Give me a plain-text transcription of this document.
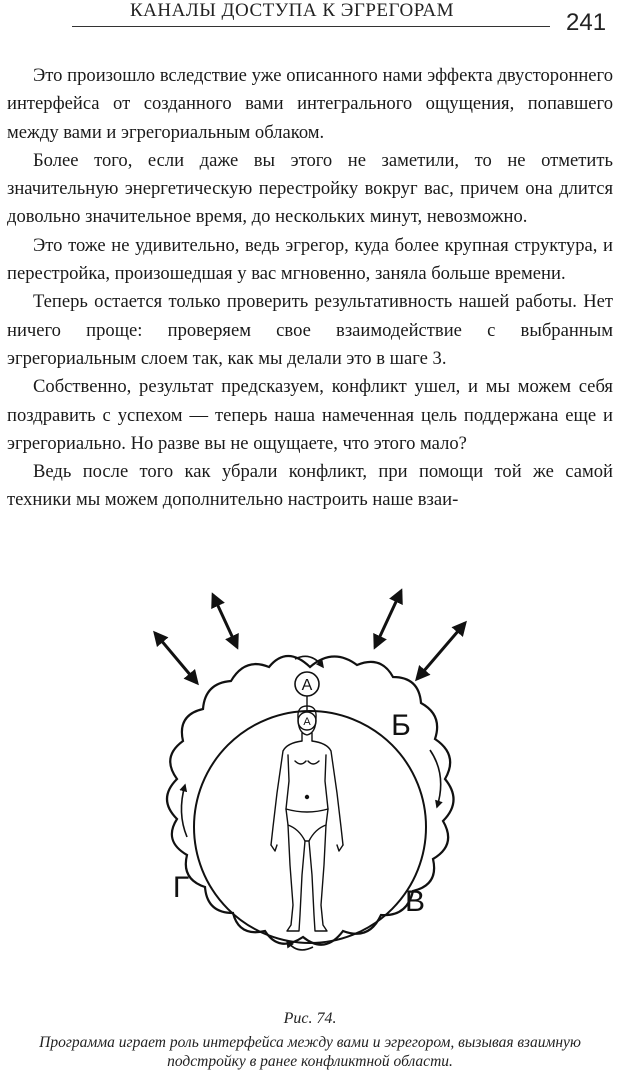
КАНАЛЫ ДОСТУПА К ЭГРЕГОРАМ	241

Это произошло вследствие уже описанного нами эффекта двустороннего интерфейса от созданного вами интегрального ощущения, попавшего между вами и эгрегориальным облаком.

Более того, если даже вы этого не заметили, то не отметить значительную энергетическую перестройку вокруг вас, причем она длится довольно значительное время, до нескольких минут, невозможно.

Это тоже не удивительно, ведь эгрегор, куда более крупная структура, и перестройка, произошедшая у вас мгновенно, заняла больше времени.

Теперь остается только проверить результативность нашей работы. Нет ничего проще: проверяем свое взаимодействие с выбранным эгрегориальным слоем так, как мы делали это в шаге 3.

Собственно, результат предсказуем, конфликт ушел, и мы можем себя поздравить с успехом — теперь наша намеченная цель поддержана еще и эгрегориально. Но разве вы не ощущаете, что этого мало?

Ведь после того как убрали конфликт, при помощи той же самой техники мы можем дополнительно настроить наше взаи-

А
А	Б
В
Г
Рис. 74.
Программа играет роль интерфейса между вами и эгрегором, вызывая взаимную подстройку в ранее конфликтной области.
